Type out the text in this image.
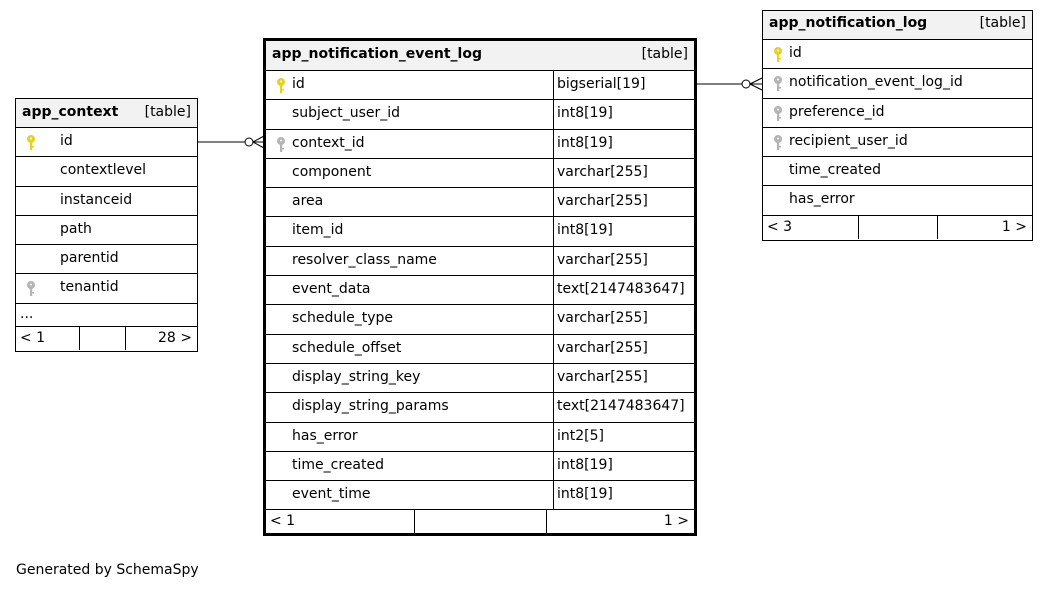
app_context [table]
id
contextlevel
instanceid
path
parentid
tenantid
...
< 1	28 >
app_notification_event_log	[table]
id	bigserial[19]
subject_user_id	int8[19]
context_id	int8[19]
component	varchar[255]
area	varchar[255]
item_id	int8[19]
resolver_class_name	varchar[255]
event_data	text[2147483647]
schedule_type	varchar[255]
schedule_offset	varchar[255]
display_string_key	varchar[255]
display_string_params	text[2147483647]
has_error	int2[5]
time_created	int8[19]
event_time	int8[19]
< 1	1 >
app_notification_log	[table]
id
notification_event_log_id
preference_id
recipient_user_id
time_created
has_error
< 3	1 >
Generated by SchemaSpy
